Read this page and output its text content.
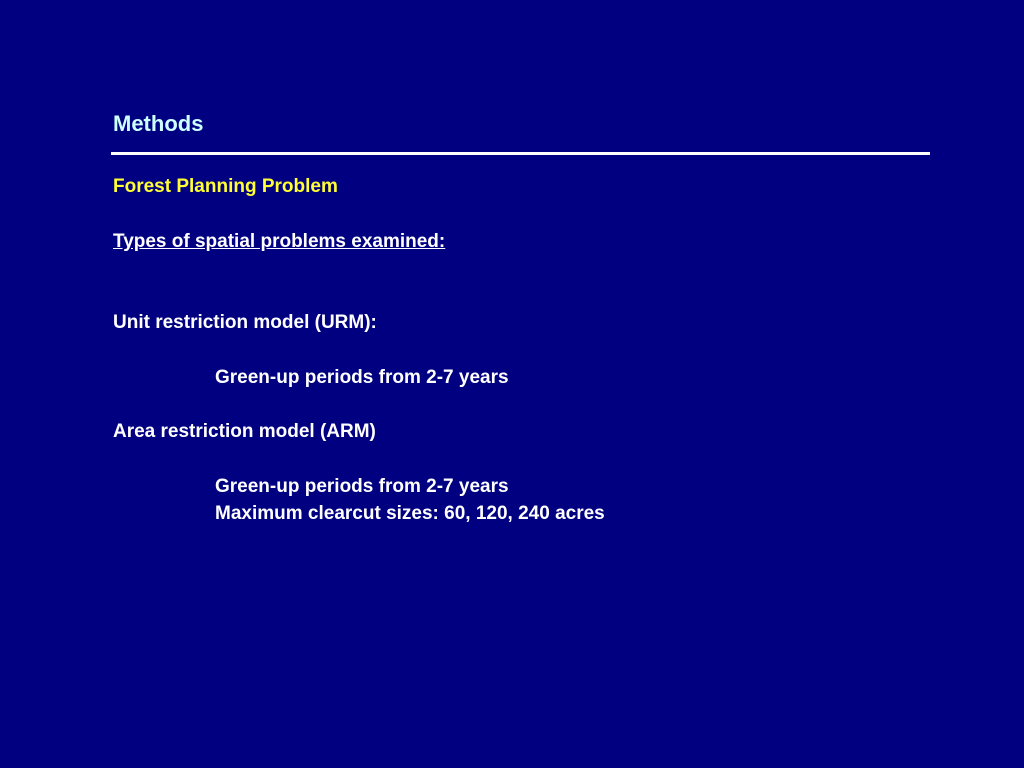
Methods
Forest Planning Problem
Types of spatial problems examined:
Unit restriction model (URM):
Green-up periods from 2-7 years
Area restriction model (ARM)
Green-up periods from 2-7 years
Maximum clearcut sizes: 60, 120, 240 acres
